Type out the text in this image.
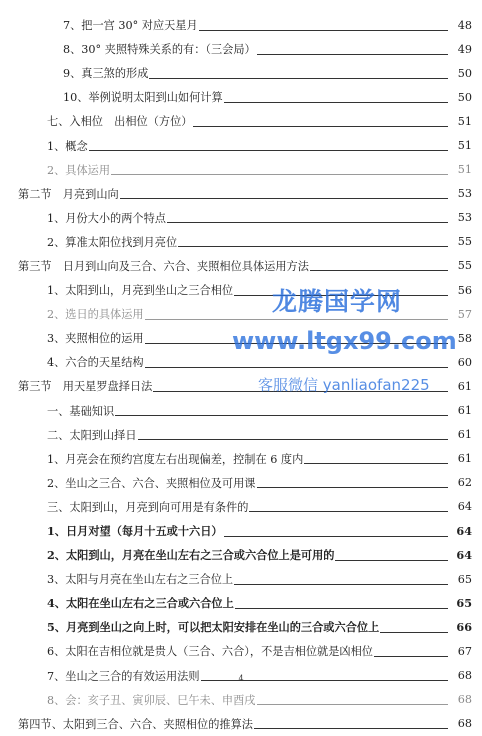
7、把一宫 30° 对应天星月	48
8、30° 夹照特殊关系的有：（三会局）	49
9、真三煞的形成	50
10、举例说明太阳到山如何计算	50
七、入相位　出相位（方位）	51
1、概念	51
2、具体运用	51
第二节　月亮到山向	53
1、月份大小的两个特点	53
2、算准太阳位找到月亮位	55
第三节　日月到山向及三合、六合、夹照相位具体运用方法	55
1、太阳到山，月亮到坐山之三合相位	56
2、选日的具体运用	57
3、夹照相位的运用	58
4、六合的天星结构	60
第三节　用天星罗盘择日法	61
一、基础知识	61
二、太阳到山择日	61
1、月亮会在预约宫度左右出现偏差，控制在 6 度内	61
2、坐山之三合、六合、夹照相位及可用课	62
三、太阳到山，月亮到向可用是有条件的	64
1、日月对望（每月十五或十六日）	64
2、太阳到山，月亮在坐山左右之三合或六合位上是可用的	64
3、太阳与月亮在坐山左右之三合位上	65
4、太阳在坐山左右之三合或六合位上	65
5、月亮到坐山之向上时，可以把太阳安排在坐山的三合或六合位上	66
6、太阳在吉相位就是贵人（三合、六合），不是吉相位就是凶相位	67
7、坐山之三合的有效运用法则	68
8、会：亥子丑、寅卯辰、巳午未、申酉戌	68
第四节、太阳到三合、六合、夹照相位的推算法	68
龙腾国学网
www.ltgx99.com
客服微信 yanliaofan225
4
